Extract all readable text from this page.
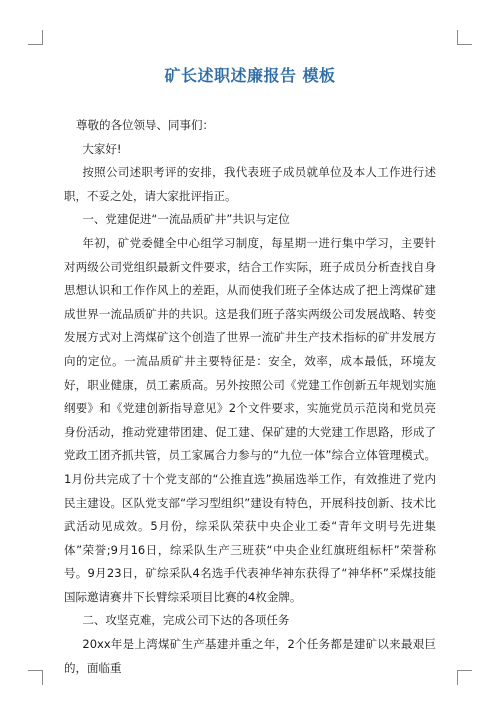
矿长述职述廉报告 模板

尊敬的各位领导、同事们：

大家好!

按照公司述职考评的安排，我代表班子成员就单位及本人工作进行述职，不妥之处，请大家批评指正。

一、党建促进“一流品质矿井”共识与定位

年初，矿党委健全中心组学习制度，每星期一进行集中学习，主要针对两级公司党组织最新文件要求，结合工作实际，班子成员分析查找自身思想认识和工作作风上的差距，从而使我们班子全体达成了把上湾煤矿建成世界一流品质矿井的共识。这是我们班子落实两级公司发展战略、转变发展方式对上湾煤矿这个创造了世界一流矿井生产技术指标的矿井发展方向的定位。一流品质矿井主要特征是：安全，效率，成本最低，环境友好，职业健康，员工素质高。另外按照公司《党建工作创新五年规划实施纲要》和《党建创新指导意见》2个文件要求，实施党员示范岗和党员亮身份活动，推动党建带团建、促工建、保矿建的大党建工作思路，形成了党政工团齐抓共管，员工家属合力参与的“九位一体”综合立体管理模式。1月份共完成了十个党支部的“公推直选”换届选举工作，有效推进了党内民主建设。区队党支部“学习型组织”建设有特色，开展科技创新、技术比武活动见成效。5月份，综采队荣获中央企业工委“青年文明号先进集体”荣誉;9月16日，综采队生产三班获“中央企业红旗班组标杆”荣誉称号。9月23日，矿综采队4名选手代表神华神东获得了“神华杯”采煤技能国际邀请赛井下长臂综采项目比赛的4枚金牌。

二、攻坚克难，完成公司下达的各项任务

20xx年是上湾煤矿生产基建并重之年，2个任务都是建矿以来最艰巨的，面临重
